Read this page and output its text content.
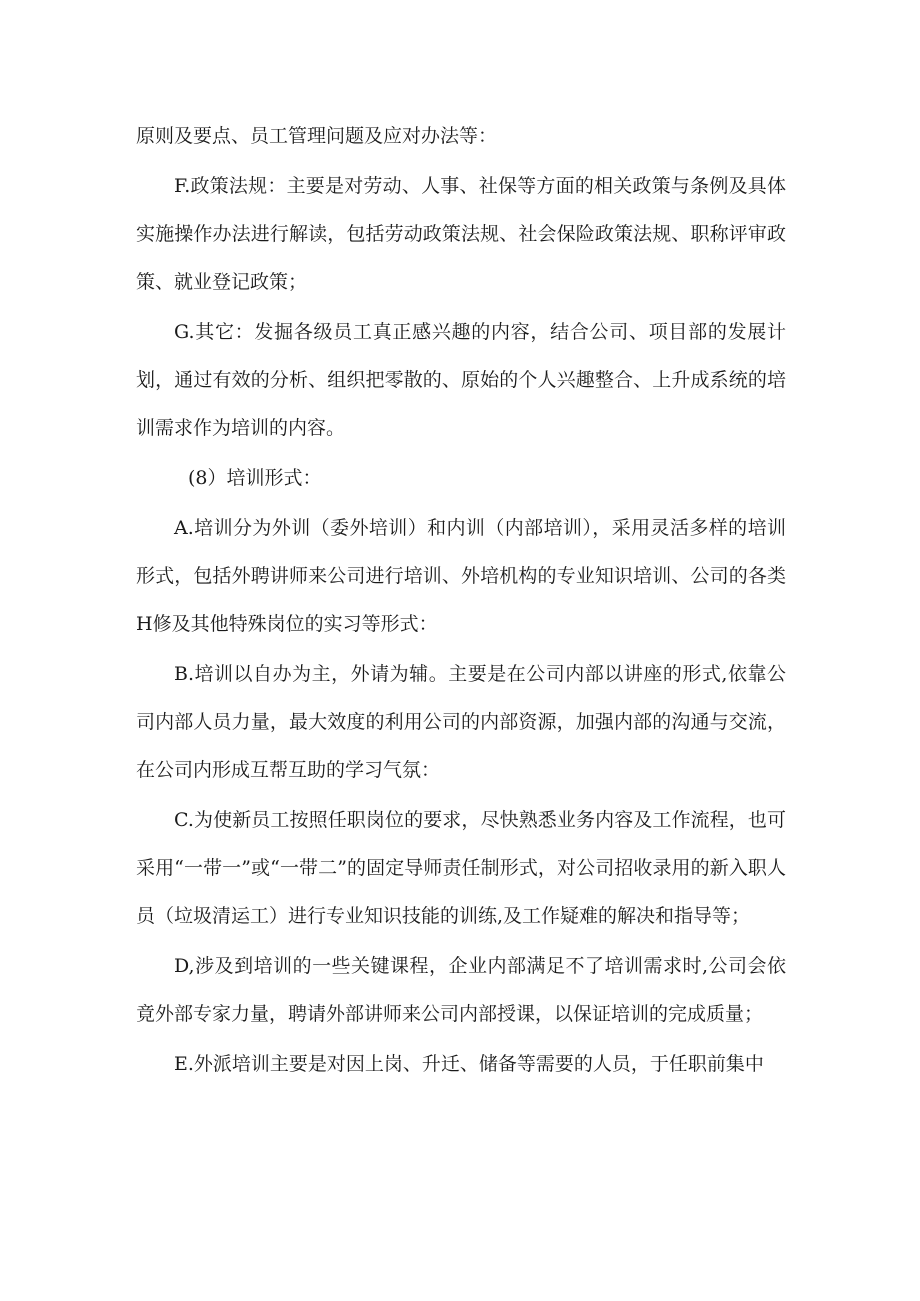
原则及要点、员工管理问题及应对办法等：

F.政策法规：主要是对劳动、人事、社保等方面的相关政策与条例及具体实施操作办法进行解读，包括劳动政策法规、社会保险政策法规、职称评审政策、就业登记政策；

G.其它：发掘各级员工真正感兴趣的内容，结合公司、项目部的发展计划，通过有效的分析、组织把零散的、原始的个人兴趣整合、上升成系统的培训需求作为培训的内容。

(8）培训形式：

A.培训分为外训（委外培训）和内训（内部培训），采用灵活多样的培训形式，包括外聘讲师来公司进行培训、外培机构的专业知识培训、公司的各类H修及其他特殊岗位的实习等形式：

B.培训以自办为主，外请为辅。主要是在公司内部以讲座的形式,依靠公司内部人员力量，最大效度的利用公司的内部资源，加强内部的沟通与交流，在公司内形成互帮互助的学习气氛：

C.为使新员工按照任职岗位的要求，尽快熟悉业务内容及工作流程，也可采用“一带一”或“一带二”的固定导师责任制形式，对公司招收录用的新入职人员（垃圾清运工）进行专业知识技能的训练,及工作疑难的解决和指导等；

D,涉及到培训的一些关键课程，企业内部满足不了培训需求时,公司会依竟外部专家力量，聘请外部讲师来公司内部授课，以保证培训的完成质量；

E.外派培训主要是对因上岗、升迁、储备等需要的人员，于任职前集中
